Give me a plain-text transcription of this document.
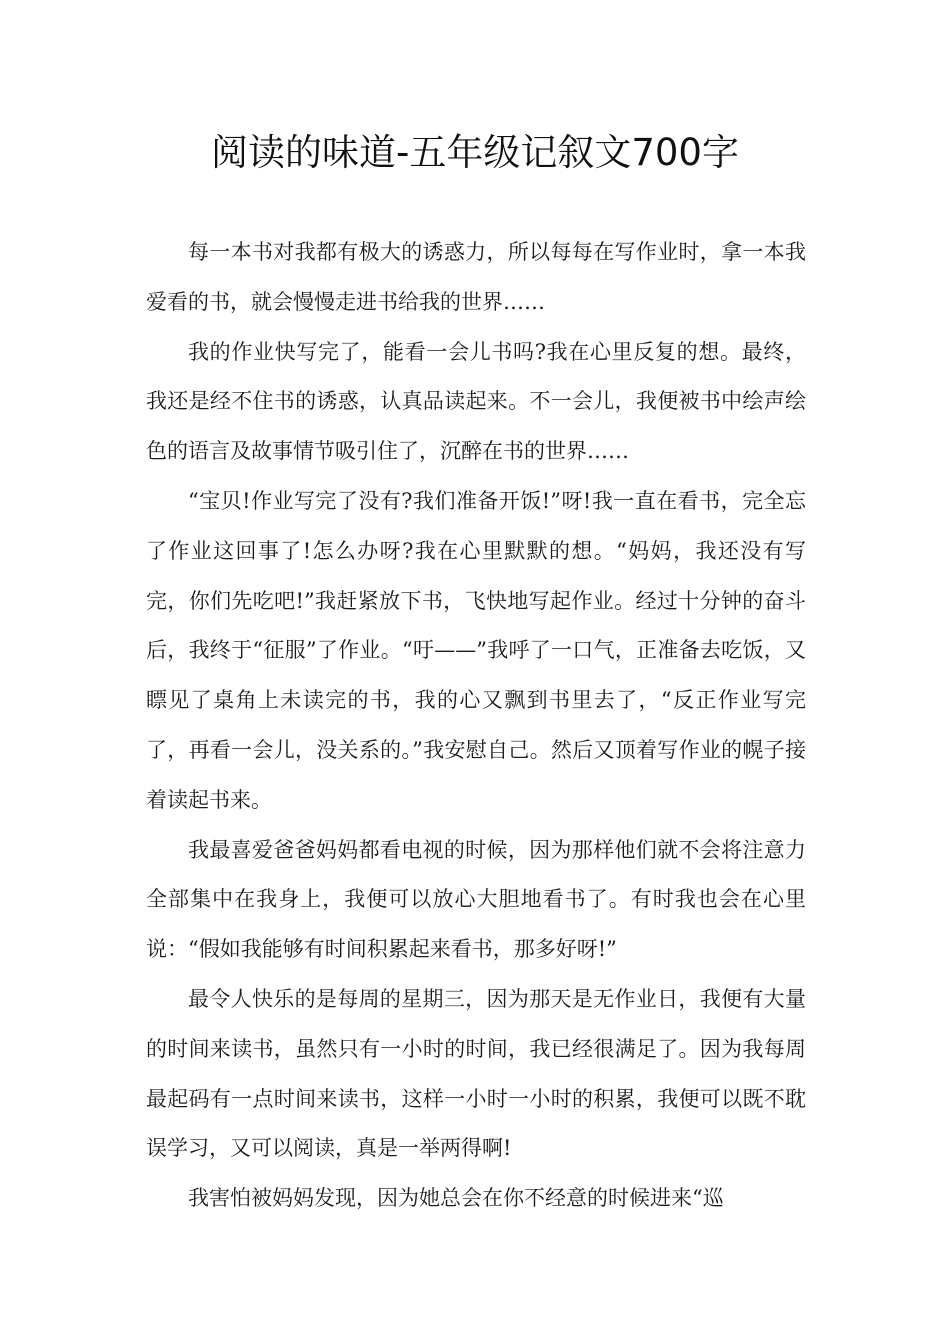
阅读的味道-五年级记叙文700字

每一本书对我都有极大的诱惑力，所以每每在写作业时，拿一本我爱看的书，就会慢慢走进书给我的世界……

我的作业快写完了，能看一会儿书吗?我在心里反复的想。最终，我还是经不住书的诱惑，认真品读起来。不一会儿，我便被书中绘声绘色的语言及故事情节吸引住了，沉醉在书的世界……

“宝贝!作业写完了没有?我们准备开饭!”呀!我一直在看书，完全忘了作业这回事了!怎么办呀?我在心里默默的想。“妈妈，我还没有写完，你们先吃吧!”我赶紧放下书，飞快地写起作业。经过十分钟的奋斗后，我终于“征服”了作业。“吁——”我呼了一口气，正准备去吃饭，又瞟见了桌角上未读完的书，我的心又飘到书里去了，“反正作业写完了，再看一会儿，没关系的。”我安慰自己。然后又顶着写作业的幌子接着读起书来。

我最喜爱爸爸妈妈都看电视的时候，因为那样他们就不会将注意力全部集中在我身上，我便可以放心大胆地看书了。有时我也会在心里说：“假如我能够有时间积累起来看书，那多好呀!”

最令人快乐的是每周的星期三，因为那天是无作业日，我便有大量的时间来读书，虽然只有一小时的时间，我已经很满足了。因为我每周最起码有一点时间来读书，这样一小时一小时的积累，我便可以既不耽误学习，又可以阅读，真是一举两得啊!

我害怕被妈妈发现，因为她总会在你不经意的时候进来“巡
